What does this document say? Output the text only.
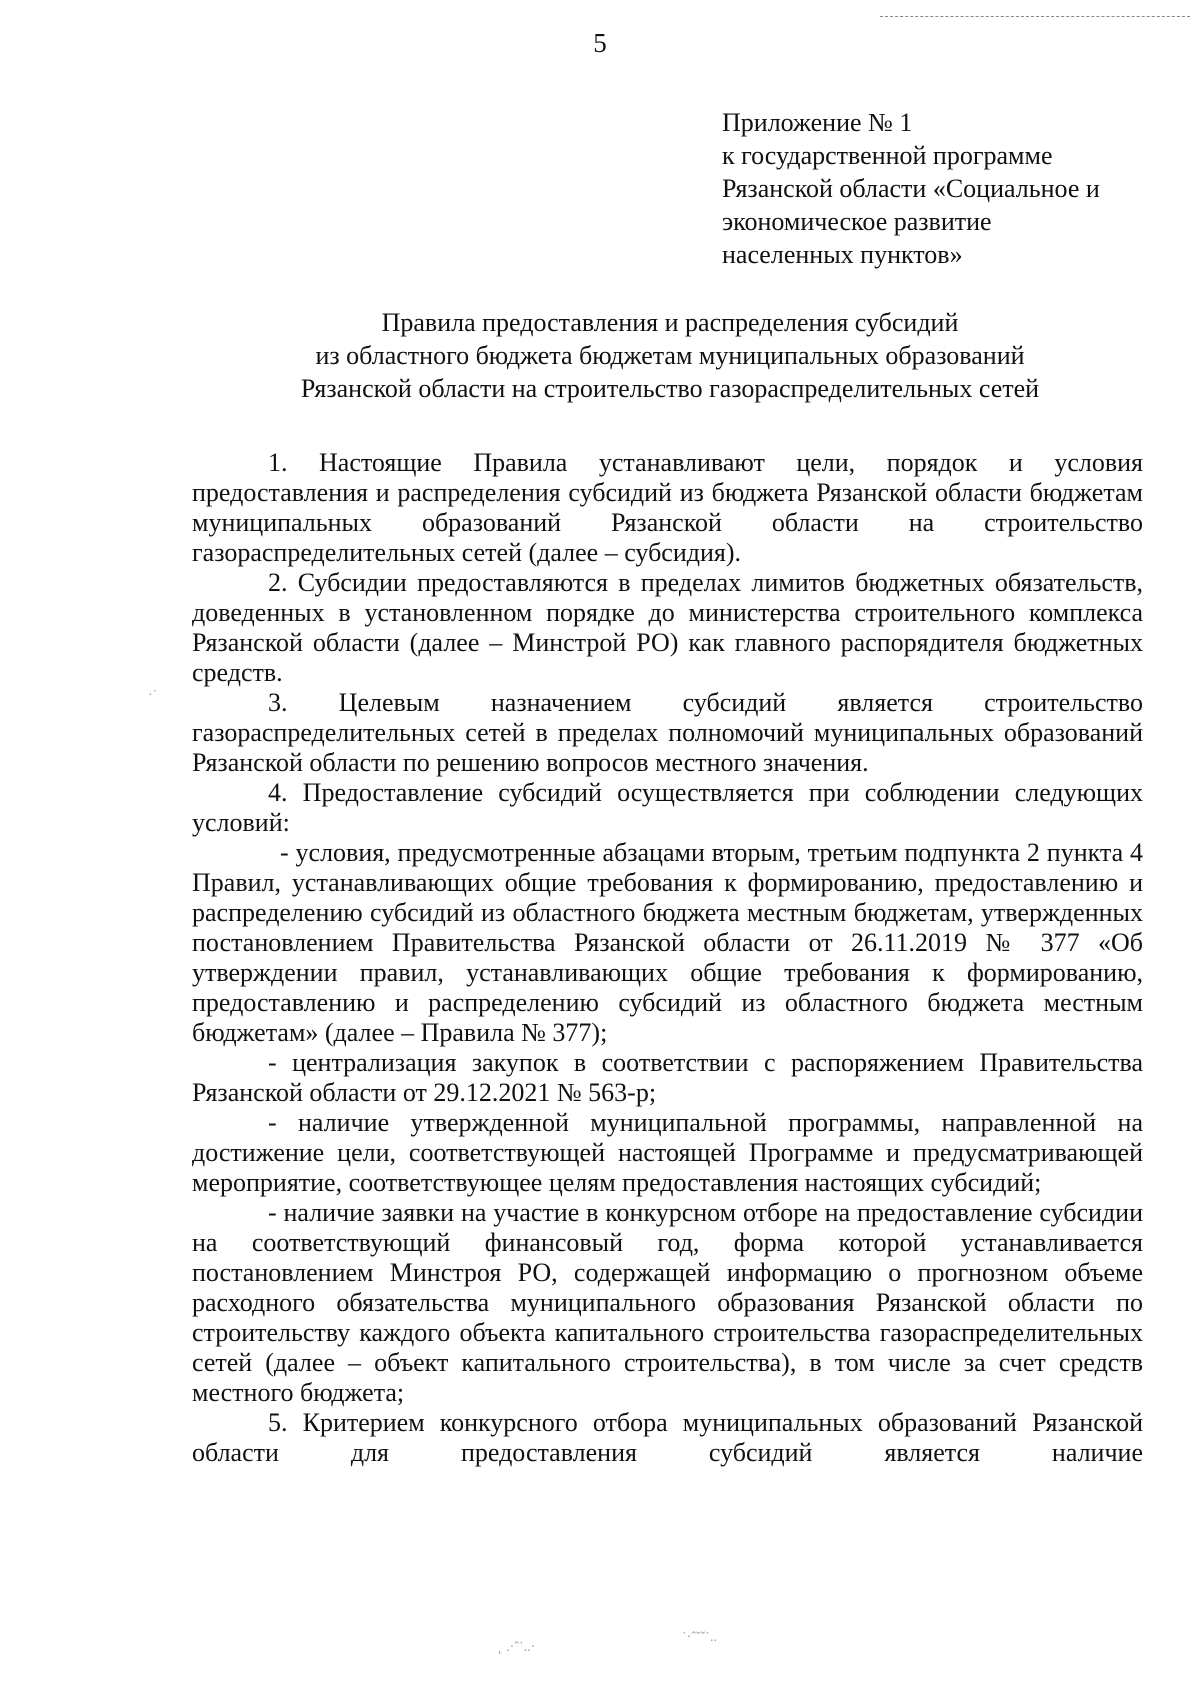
5
Приложение № 1
к государственной программе
Рязанской области «Социальное и
экономическое развитие
населенных пунктов»
Правила предоставления и распределения субсидий
из областного бюджета бюджетам муниципальных образований
Рязанской области на строительство газораспределительных сетей

1. Настоящие Правила устанавливают цели, порядок и условия предоставления и распределения субсидий из бюджета Рязанской области бюджетам муниципальных образований Рязанской области на строительство газораспределительных сетей (далее – субсидия).

2. Субсидии предоставляются в пределах лимитов бюджетных обязательств, доведенных в установленном порядке до министерства строительного комплекса Рязанской области (далее – Минстрой РО) как главного распорядителя бюджетных средств.

3. Целевым назначением субсидий является строительство газораспределительных сетей в пределах полномочий муниципальных образований Рязанской области по решению вопросов местного значения.

4. Предоставление субсидий осуществляется при соблюдении следующих условий:

- условия, предусмотренные абзацами вторым, третьим подпункта 2 пункта 4 Правил, устанавливающих общие требования к формированию, предоставлению и распределению субсидий из областного бюджета местным бюджетам, утвержденных постановлением Правительства Рязанской области от 26.11.2019 № 377 «Об утверждении правил, устанавливающих общие требования к формированию, предоставлению и распределению субсидий из областного бюджета местным бюджетам» (далее – Правила № 377);

- централизация закупок в соответствии с распоряжением Правительства Рязанской области от 29.12.2021 № 563-р;

- наличие утвержденной муниципальной программы, направленной на достижение цели, соответствующей настоящей Программе и предусматривающей мероприятие, соответствующее целям предоставления настоящих субсидий;

- наличие заявки на участие в конкурсном отборе на предоставление субсидии на соответствующий финансовый год, форма которой устанавливается постановлением Минстроя РО, содержащей информацию о прогнозном объеме расходного обязательства муниципального образования Рязанской области по строительству каждого объекта капитального строительства газораспределительных сетей (далее – объект капитального строительства), в том числе за счет средств местного бюджета;

5. Критерием конкурсного отбора муниципальных образований Рязанской области для предоставления субсидий является наличие

·˙
˛ .·ˆ˙..·
˙·ˆ˘ˇ˙..
